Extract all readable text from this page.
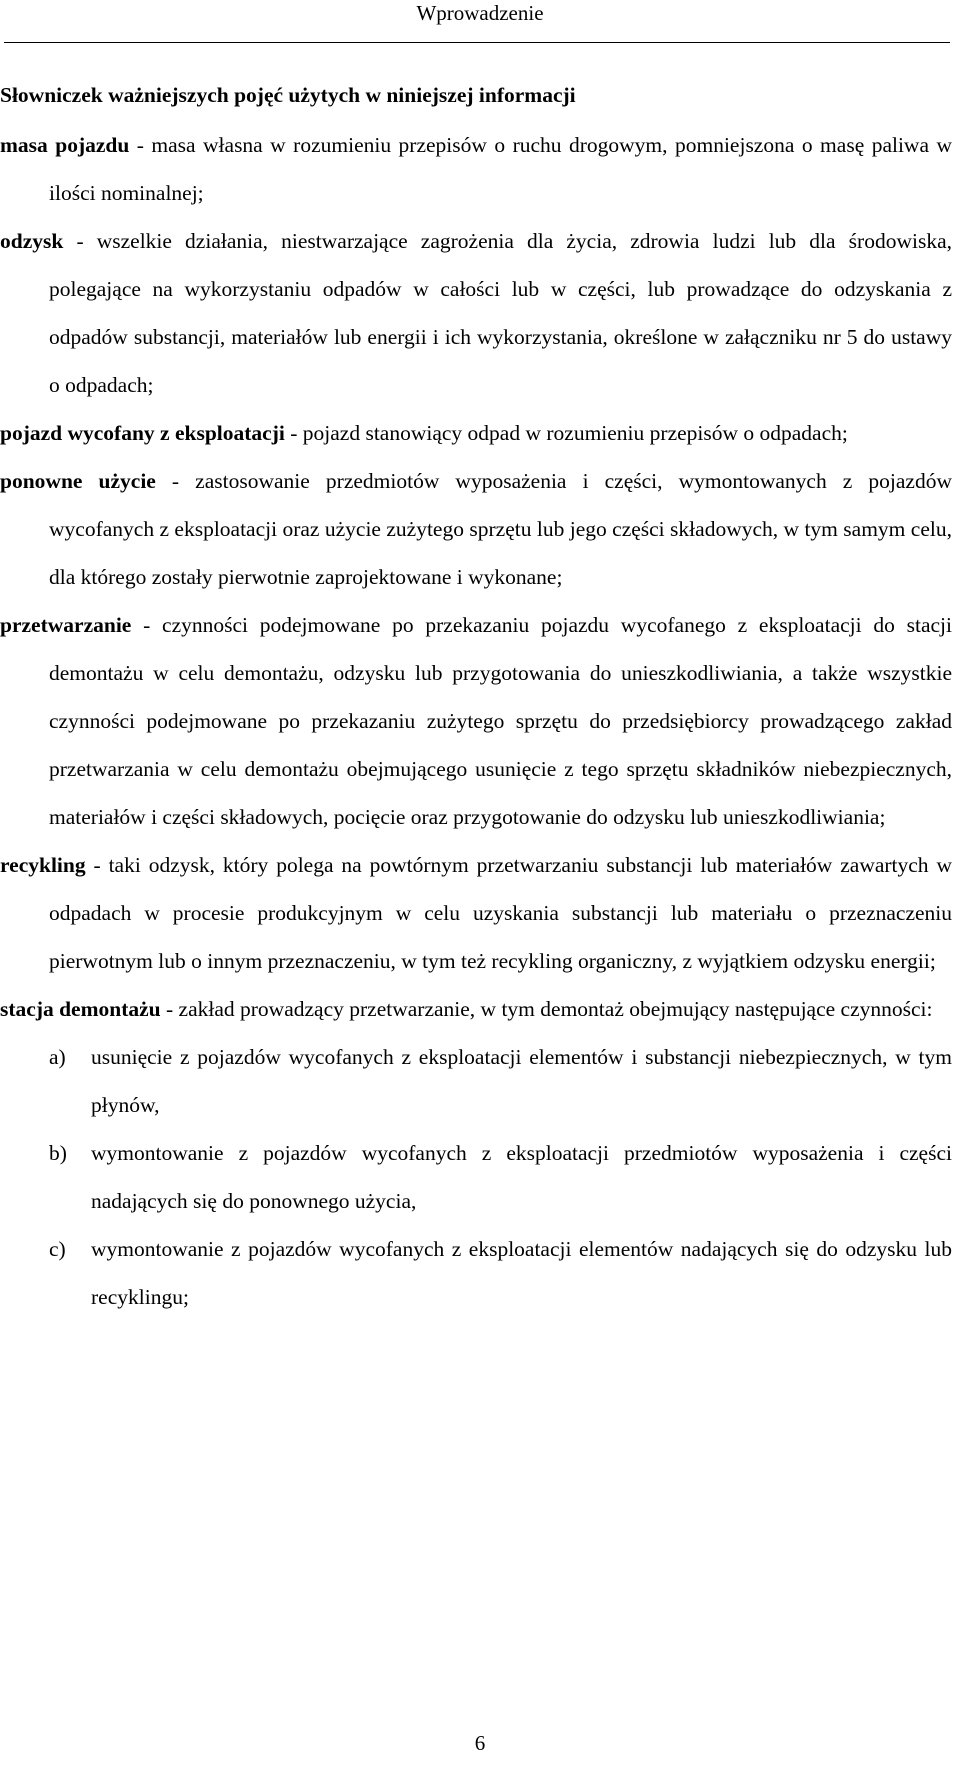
Wprowadzenie

Słowniczek ważniejszych pojęć użytych w niniejszej informacji

masa pojazdu - masa własna w rozumieniu przepisów o ruchu drogowym, pomniejszona o masę paliwa w ilości nominalnej;

odzysk - wszelkie działania, niestwarzające zagrożenia dla życia, zdrowia ludzi lub dla środowiska, polegające na wykorzystaniu odpadów w całości lub w części, lub prowadzące do odzyskania z odpadów substancji, materiałów lub energii i ich wykorzystania, określone w załączniku nr 5 do ustawy o odpadach;

pojazd wycofany z eksploatacji - pojazd stanowiący odpad w rozumieniu przepisów o odpadach;

ponowne użycie - zastosowanie przedmiotów wyposażenia i części, wymontowanych z pojazdów wycofanych z eksploatacji oraz użycie zużytego sprzętu lub jego części składowych, w tym samym celu, dla którego zostały pierwotnie zaprojektowane i wykonane;

przetwarzanie - czynności podejmowane po przekazaniu pojazdu wycofanego z eksploatacji do stacji demontażu w celu demontażu, odzysku lub przygotowania do unieszkodliwiania, a także wszystkie czynności podejmowane po przekazaniu zużytego sprzętu do przedsiębiorcy prowadzącego zakład przetwarzania w celu demontażu obejmującego usunięcie z tego sprzętu składników niebezpiecznych, materiałów i części składowych, pocięcie oraz przygotowanie do odzysku lub unieszkodliwiania;

recykling - taki odzysk, który polega na powtórnym przetwarzaniu substancji lub materiałów zawartych w odpadach w procesie produkcyjnym w celu uzyskania substancji lub materiału o przeznaczeniu pierwotnym lub o innym przeznaczeniu, w tym też recykling organiczny, z wyjątkiem odzysku energii;

stacja demontażu - zakład prowadzący przetwarzanie, w tym demontaż obejmujący następujące czynności:

a) usunięcie z pojazdów wycofanych z eksploatacji elementów i substancji niebezpiecznych, w tym płynów,
b) wymontowanie z pojazdów wycofanych z eksploatacji przedmiotów wyposażenia i części nadających się do ponownego użycia,
c) wymontowanie z pojazdów wycofanych z eksploatacji elementów nadających się do odzysku lub recyklingu;
6
